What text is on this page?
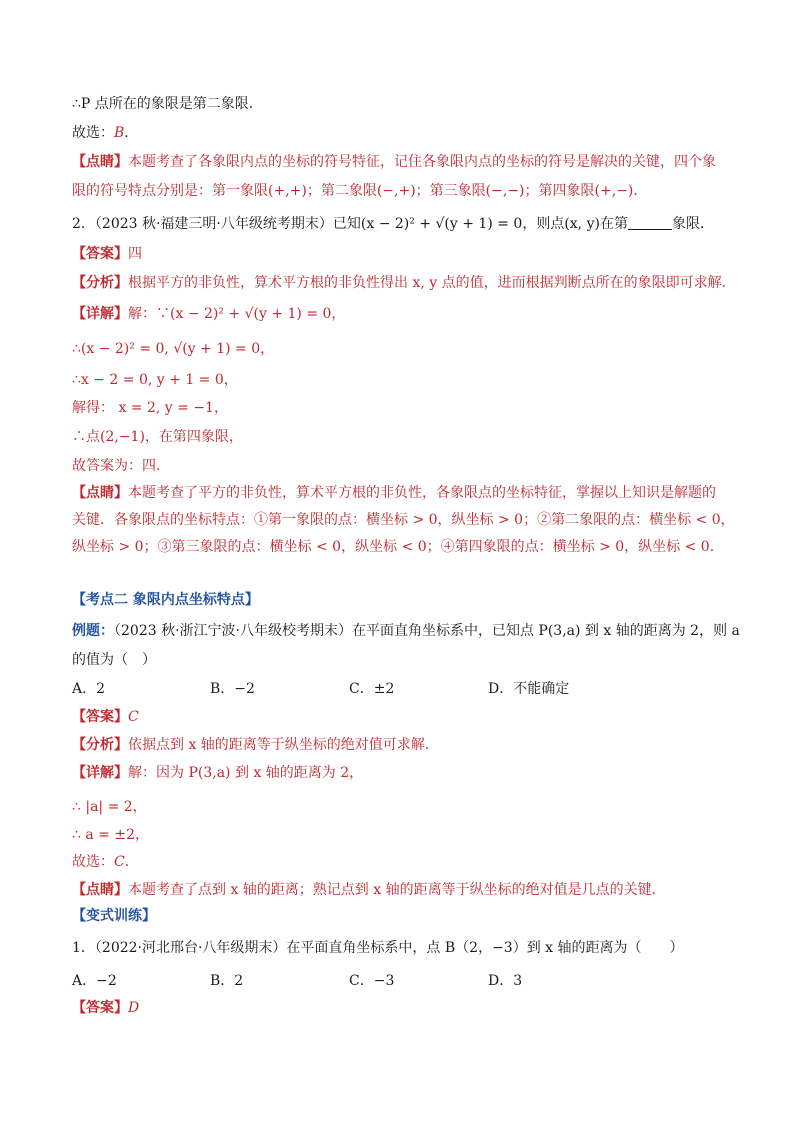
∴P 点所在的象限是第二象限．
故选：B．
【点睛】本题考查了各象限内点的坐标的符号特征，记住各象限内点的坐标的符号是解决的关键，四个象
限的符号特点分别是：第一象限(+,+)；第二象限(−,+)；第三象限(−,−)；第四象限(+,−)．
2．（2023 秋·福建三明·八年级统考期末）已知(x − 2)² + √(y + 1) = 0，则点(x, y)在第	象限．
【答案】四
【分析】根据平方的非负性，算术平方根的非负性得出 x, y 点的值，进而根据判断点所在的象限即可求解．
【详解】解：∵(x − 2)² + √(y + 1) = 0，
∴(x − 2)² = 0, √(y + 1) = 0，
∴x − 2 = 0, y + 1 = 0，
解得： x = 2, y = −1，
∴点(2,−1)，在第四象限，
故答案为：四．
【点睛】本题考查了平方的非负性，算术平方根的非负性，各象限点的坐标特征，掌握以上知识是解题的
关键．各象限点的坐标特点：①第一象限的点：横坐标 > 0，纵坐标 > 0；②第二象限的点：横坐标 < 0，
纵坐标 > 0；③第三象限的点：横坐标 < 0，纵坐标 < 0；④第四象限的点：横坐标 > 0，纵坐标 < 0．
【考点二 象限内点坐标特点】
例题：（2023 秋·浙江宁波·八年级校考期末）在平面直角坐标系中，已知点 P(3,a) 到 x 轴的距离为 2，则 a
的值为（　）
A．2	B．−2	C．±2	D．不能确定
【答案】C
【分析】依据点到 x 轴的距离等于纵坐标的绝对值可求解．
【详解】解：因为 P(3,a) 到 x 轴的距离为 2，
∴ |a| = 2，
∴ a = ±2，
故选：C．
【点睛】本题考查了点到 x 轴的距离；熟记点到 x 轴的距离等于纵坐标的绝对值是几点的关键．
【变式训练】
1．（2022·河北邢台·八年级期末）在平面直角坐标系中，点 B（2，−3）到 x 轴的距离为（　　）
A．−2	B．2	C．−3	D．3
【答案】D
